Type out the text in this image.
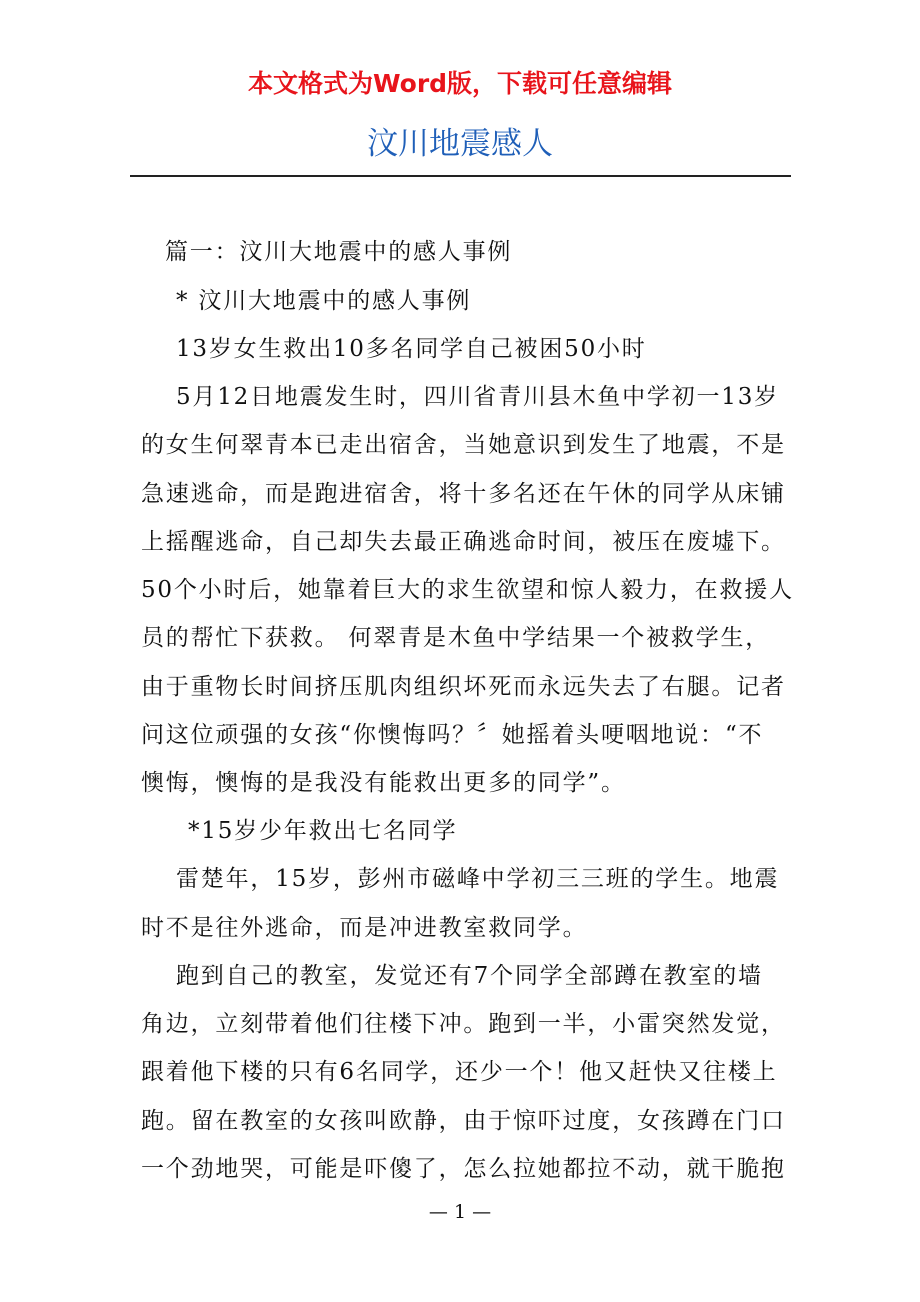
本文格式为Word版，下载可任意编辑
汶川地震感人
篇一：汶川大地震中的感人事例
* 汶川大地震中的感人事例
13岁女生救出10多名同学自己被困50小时
5月12日地震发生时，四川省青川县木鱼中学初一13岁
的女生何翠青本已走出宿舍，当她意识到发生了地震，不是
急速逃命，而是跑进宿舍，将十多名还在午休的同学从床铺
上摇醒逃命，自己却失去最正确逃命时间，被压在废墟下。
50个小时后，她靠着巨大的求生欲望和惊人毅力，在救援人
员的帮忙下获救。 何翠青是木鱼中学结果一个被救学生，
由于重物长时间挤压肌肉组织坏死而永远失去了右腿。记者
问这位顽强的女孩“你懊悔吗？〞她摇着头哽咽地说：“不
懊悔，懊悔的是我没有能救出更多的同学”。
*15岁少年救出七名同学
雷楚年，15岁，彭州市磁峰中学初三三班的学生。地震
时不是往外逃命，而是冲进教室救同学。
跑到自己的教室，发觉还有7个同学全部蹲在教室的墙
角边，立刻带着他们往楼下冲。跑到一半，小雷突然发觉，
跟着他下楼的只有6名同学，还少一个！他又赶快又往楼上
跑。留在教室的女孩叫欧静，由于惊吓过度，女孩蹲在门口
一个劲地哭，可能是吓傻了，怎么拉她都拉不动，就干脆抱
— 1 —
